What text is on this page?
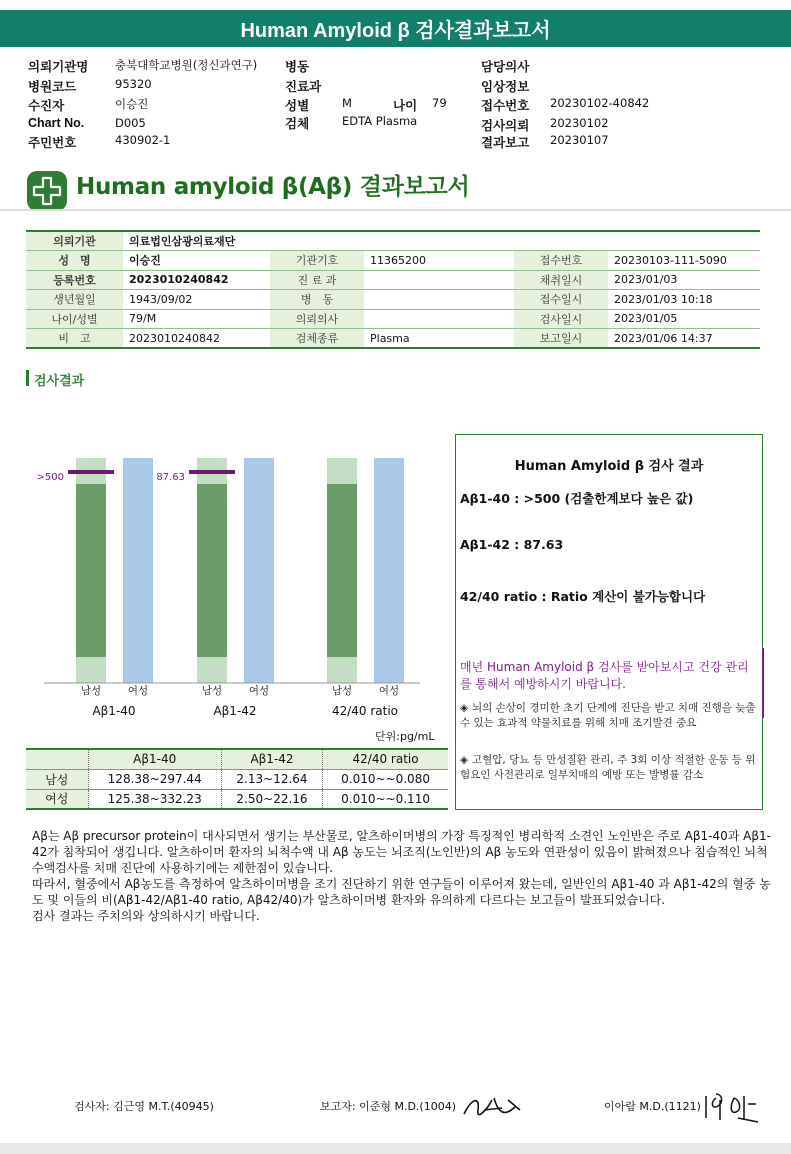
Human Amyloid β 검사결과보고서
의뢰기관명 충북대학교병원(정신과연구)
병원코드	95320
수진자	이승진
Chart No.	D005
주민번호	430902-1
병동
진료과
성별	M	나이 79
검체	EDTA Plasma
담당의사
임상정보
접수번호 20230102-40842
검사의뢰 20230102
결과보고 20230107
Human amyloid β(Aβ) 결과보고서
의뢰기관	의료법인삼광의료재단				
성　명	이승진	기관기호	11365200	접수번호	20230103-111-5090
등록번호	2023010240842	진 료 과		채취일시	2023/01/03
생년월일	1943/09/02	병　동		접수일시	2023/01/03 10:18
나이/성별	79/M	의뢰의사		검사일시	2023/01/05
비　고	2023010240842	검체종류	Plasma	보고일시	2023/01/06 14:37
검사결과
>500
남성	여성
Aβ1-40
87.63
남성	여성
Aβ1-42
남성	여성
42/40 ratio
단위:pg/mL
	Aβ1-40	Aβ1-42	42/40 ratio
남성	128.38~297.44	2.13~12.64	0.010~~0.080
여성	125.38~332.23	2.50~22.16	0.010~~0.110
Human Amyloid β 검사 결과
Aβ1-40 : >500 (검출한계보다 높은 값)
Aβ1-42 : 87.63
42/40 ratio : Ratio 계산이 불가능합니다
매년 Human Amyloid β 검사를 받아보시고 건강 관리를 통해서 예방하시기 바랍니다.
◈ 뇌의 손상이 경미한 초기 단계에 진단을 받고 치매 진행을 늦출 수 있는 효과적 약물치료를 위해 치매 조기발견 중요
◈ 고혈압, 당뇨 등 만성질환 관리, 주 3회 이상 적절한 운동 등 위험요인 사전관리로 일부치매의 예방 또는 발병률 감소

Aβ는 Aβ precursor protein이 대사되면서 생기는 부산물로, 알츠하이머병의 가장 특징적인 병리학적 소견인 노인반은 주로 Aβ1-40과 Aβ1-42가 침착되어 생깁니다. 알츠하이머 환자의 뇌척수액 내 Aβ 농도는 뇌조직(노인반)의 Aβ 농도와 연관성이 있음이 밝혀졌으나 침습적인 뇌척수액검사를 치매 진단에 사용하기에는 제한점이 있습니다.

따라서, 혈중에서 Aβ농도를 측정하여 알츠하이머병을 조기 진단하기 위한 연구들이 이루어져 왔는데, 일반인의 Aβ1-40 과 Aβ1-42의 혈중 농도 및 이들의 비(Aβ1-42/Aβ1-40 ratio, Aβ42/40)가 알츠하이머병 환자와 유의하게 다르다는 보고들이 발표되었습니다.

검사 결과는 주치의와 상의하시기 바랍니다.

검사자: 김근영 M.T.(40945)	보고자: 이준형 M.D.(1004)	이아람 M.D.(1121)
